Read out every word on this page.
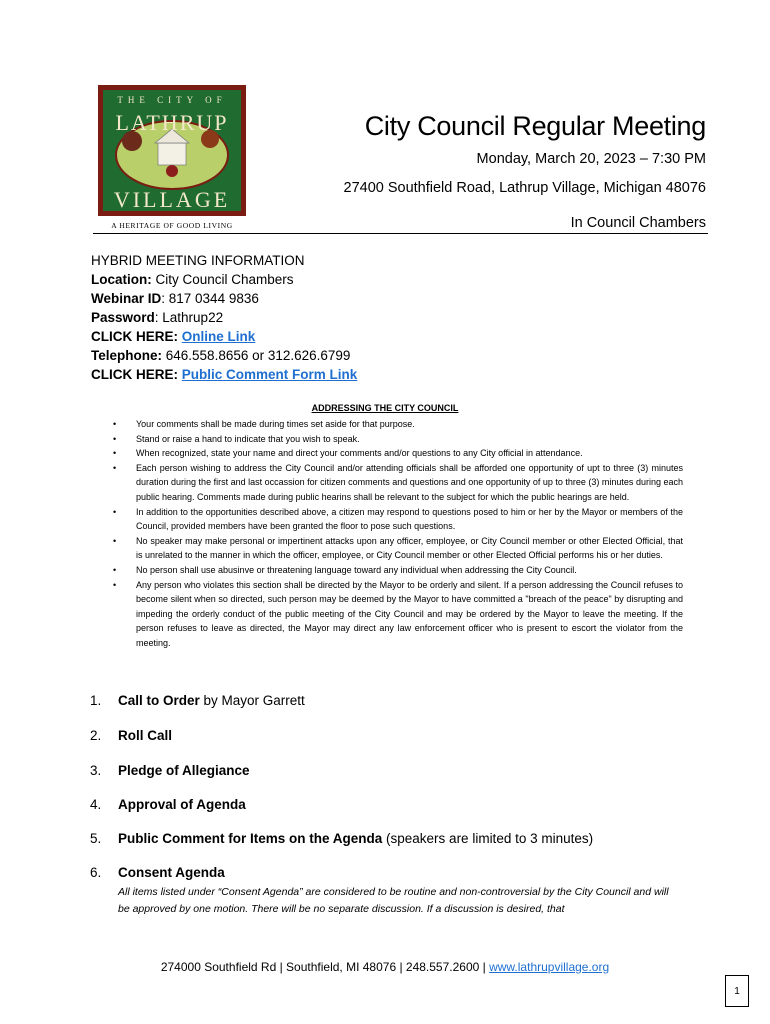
THE CITY OF
LATHRUP
VILLAGE
A HERITAGE OF GOOD LIVING
City Council Regular Meeting
Monday, March 20, 2023 – 7:30 PM
27400 Southfield Road, Lathrup Village, Michigan 48076
In Council Chambers
HYBRID MEETING INFORMATION
Location: City Council Chambers
Webinar ID: 817 0344 9836
Password: Lathrup22
CLICK HERE: Online Link
Telephone: 646.558.8656 or 312.626.6799
CLICK HERE: Public Comment Form Link
ADDRESSING THE CITY COUNCIL
• Your comments shall be made during times set aside for that purpose.
• Stand or raise a hand to indicate that you wish to speak.
• When recognized, state your name and direct your comments and/or questions to any City official in attendance.
• Each person wishing to address the City Council and/or attending officials shall be afforded one opportunity of upt to three (3) minutes duration during the first and last occassion for citizen comments and questions and one opportunity of up to three (3) minutes during each public hearing. Comments made during public hearins shall be relevant to the subject for which the public hearings are held.
• In addition to the opportunities described above, a citizen may respond to questions posed to him or her by the Mayor or members of the Council, provided members have been granted the floor to pose such questions.
• No speaker may make personal or impertinent attacks upon any officer, employee, or City Council member or other Elected Official, that is unrelated to the manner in which the officer, employee, or City Council member or other Elected Official performs his or her duties.
• No person shall use abusinve or threatening language toward any individual when addressing the City Council.
• Any person who violates this section shall be directed by the Mayor to be orderly and silent. If a person addressing the Council refuses to become silent when so directed, such person may be deemed by the Mayor to have committed a "breach of the peace" by disrupting and impeding the orderly conduct of the public meeting of the City Council and may be ordered by the Mayor to leave the meeting. If the person refuses to leave as directed, the Mayor may direct any law enforcement officer who is present to escort the violator from the meeting.
1. Call to Order by Mayor Garrett
2. Roll Call
3. Pledge of Allegiance
4. Approval of Agenda
5. Public Comment for Items on the Agenda (speakers are limited to 3 minutes)
6. Consent Agenda
All items listed under “Consent Agenda” are considered to be routine and non-controversial by the City Council and will be approved by one motion. There will be no separate discussion. If a discussion is desired, that
274000 Southfield Rd | Southfield, MI 48076 | 248.557.2600 | www.lathrupvillage.org
1
